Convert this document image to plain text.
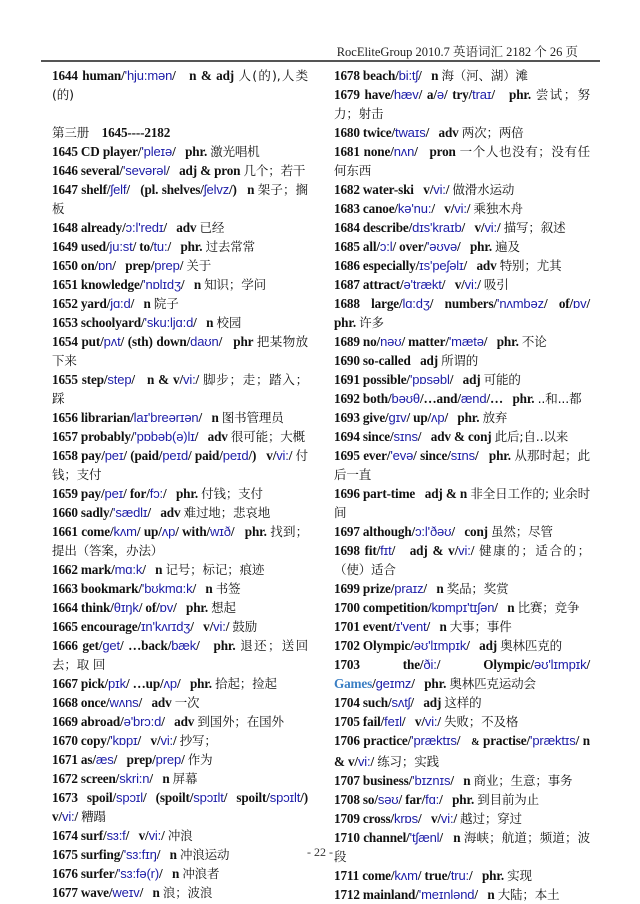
RocEliteGroup 2010.7 英语词汇 2182 个 26 页

1644 human/'hju:mən/   n & adj 人(的),人类(的)

第三册 1645----2182

1645 CD player/'pleɪə/   phr. 激光唱机

1646 several/'sevərəl/   adj & pron 几个；若干

1647 shelf/ʃelf/   (pl. shelves/ʃelvz/)   n 架子；搁板

1648 already/ɔ:l'redɪ/   adv 已经

1649 used/ju:st/ to/tu:/   phr. 过去常常

1650 on/ɒn/   prep/prep/ 关于

1651 knowledge/'nɒlɪdʒ/   n 知识；学问

1652 yard/jɑ:d/   n 院子

1653 schoolyard/'sku:ljɑ:d/   n 校园

1654 put/pʌt/ (sth) down/daʊn/   phr 把某物放下来

1655 step/step/   n & v/vi:/ 脚步；走；踏入；踩

1656 librarian/laɪ'breərɪən/   n 图书管理员

1657 probably/'pɒbəb(ə)lɪ/   adv 很可能；大概

1658 pay/peɪ/ (paid/peɪd/ paid/peɪd/)   v/vi:/ 付钱；支付

1659 pay/peɪ/ for/fɔ:/   phr. 付钱；支付

1660 sadly/'sædlɪ/   adv 难过地；悲哀地

1661 come/kʌm/ up/ʌp/ with/wɪð/   phr. 找到；提出（答案，办法）

1662 mark/mɑ:k/   n 记号；标记；痕迹

1663 bookmark/'bʊkmɑ:k/   n 书签

1664 think/θɪŋk/ of/ɒv/   phr. 想起

1665 encourage/ɪn'kʌrɪdʒ/   v/vi:/ 鼓励

1666 get/get/ …back/bæk/   phr. 退还；送回去；取 回

1667 pick/pɪk/ …up/ʌp/   phr. 拾起；捡起

1668 once/wʌns/   adv 一次

1669 abroad/ə'brɔ:d/   adv 到国外；在国外

1670 copy/'kɒpɪ/   v/vi:/ 抄写；

1671 as/æs/   prep/prep/ 作为

1672 screen/skri:n/   n 屏幕

1673 spoil/spɔɪl/ (spoilt/spɔɪlt/ spoilt/spɔɪlt/) v/vi:/ 糟蹋

1674 surf/sɜ:f/   v/vi:/ 冲浪

1675 surfing/'sɜ:fɪŋ/   n 冲浪运动

1676 surfer/'sɜ:fə(r)/   n 冲浪者

1677 wave/weɪv/   n 浪；波浪

1678 beach/bi:tʃ/   n 海（河、湖）滩

1679 have/hæv/ a/ə/ try/traɪ/   phr. 尝试；努力；射击

1680 twice/twaɪs/   adv 两次；两倍

1681 none/nʌn/   pron 一个人也没有；没有任何东西

1682 water-ski   v/vi:/ 做滑水运动

1683 canoe/kə'nu:/   v/vi:/ 乘独木舟

1684 describe/dɪs'kraɪb/   v/vi:/ 描写；叙述

1685 all/ɔ:l/ over/'əʊvə/   phr. 遍及

1686 especially/ɪs'peʃəlɪ/   adv 特别；尤其

1687 attract/ə'trækt/   v/vi:/ 吸引

1688 large/lɑ:dʒ/ numbers/'nʌmbəz/ of/ɒv/ phr. 许多

1689 no/nəʊ/ matter/'mætə/   phr. 不论

1690 so-called   adj 所谓的

1691 possible/'pɒsəbl/   adj 可能的

1692 both/bəʊθ/…and/ænd/…   phr. ..和...都

1693 give/gɪv/ up/ʌp/   phr. 放弃

1694 since/sɪns/   adv & conj 此后;自..以来

1695 ever/'evə/ since/sɪns/   phr. 从那时起；此后一直

1696 part-time   adj & n 非全日工作的; 业余时间

1697 although/ɔ:l'ðəʊ/   conj 虽然；尽管

1698 fit/fɪt/   adj & v/vi:/ 健康的；适合的；（使）适合

1699 prize/praɪz/   n 奖品；奖赏

1700 competition/kɒmpɪ'tɪʃən/   n 比赛；竞争

1701 event/ɪ'vent/   n 大事；事件

1702 Olympic/əʊ'lɪmpɪk/   adj 奥林匹克的

1703 the/ði:/ Olympic/əʊ'lɪmpɪk/ Games/geɪmz/   phr. 奥林匹克运动会

1704 such/sʌtʃ/   adj 这样的

1705 fail/feɪl/   v/vi:/ 失败；不及格

1706 practice/'præktɪs/   & practise/'præktɪs/ n & v/vi:/ 练习；实践

1707 business/'bɪznɪs/   n 商业；生意；事务

1708 so/səʊ/ far/fɑ:/   phr. 到目前为止

1709 cross/krɒs/   v/vi:/ 越过；穿过

1710 channel/'tʃænl/   n 海峡；航道；频道；波段

1711 come/kʌm/ true/tru:/   phr. 实现

1712 mainland/'meɪnlənd/   n 大陆；本土

- 22 -
